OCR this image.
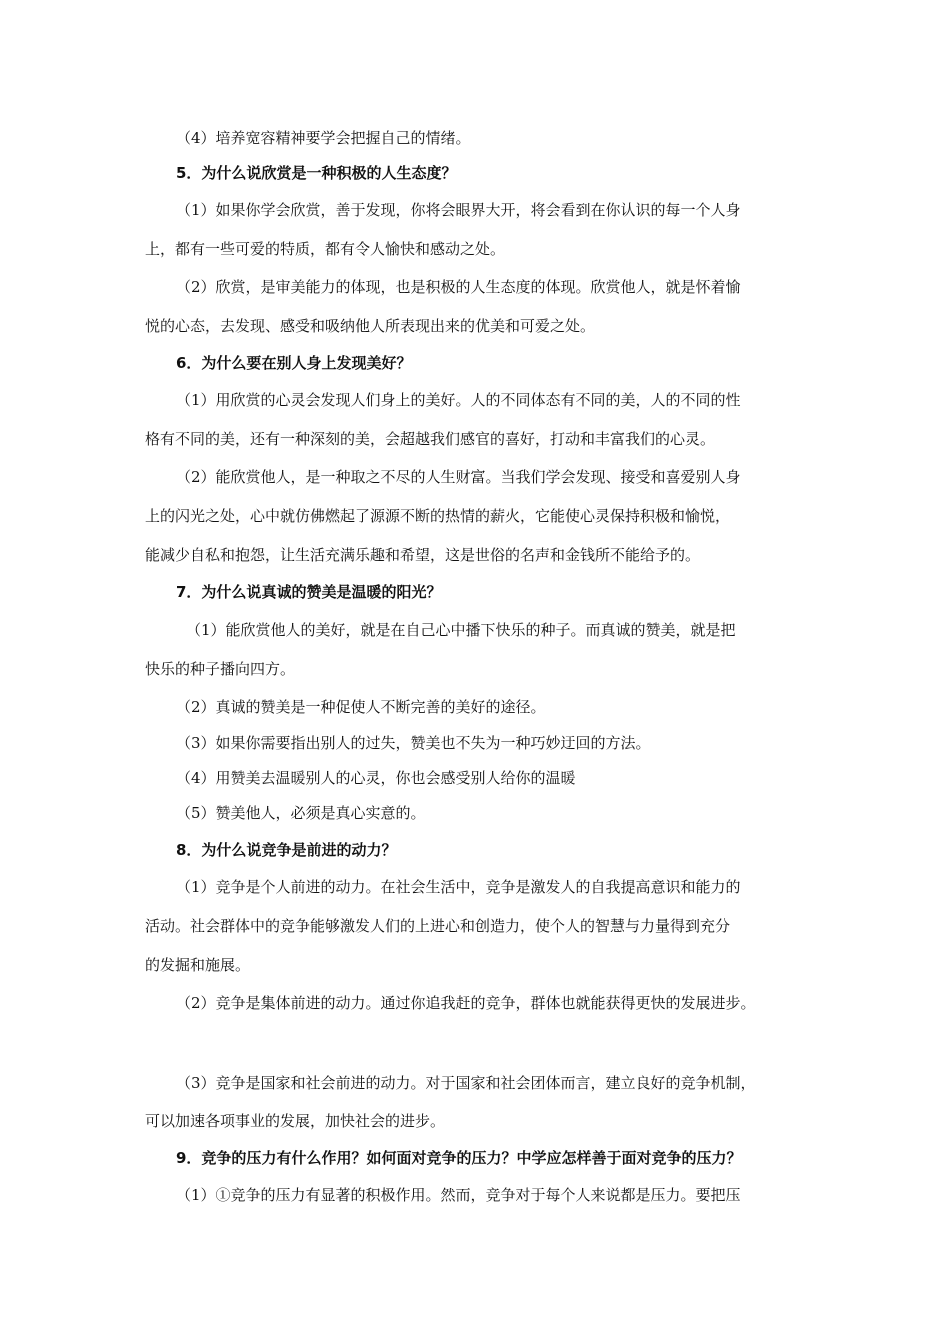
（4）培养宽容精神要学会把握自己的情绪。
5．为什么说欣赏是一种积极的人生态度？
（1）如果你学会欣赏，善于发现，你将会眼界大开，将会看到在你认识的每一个人身
上，都有一些可爱的特质，都有令人愉快和感动之处。
（2）欣赏，是审美能力的体现，也是积极的人生态度的体现。欣赏他人，就是怀着愉
悦的心态，去发现、感受和吸纳他人所表现出来的优美和可爱之处。
6．为什么要在别人身上发现美好？
（1）用欣赏的心灵会发现人们身上的美好。人的不同体态有不同的美，人的不同的性
格有不同的美，还有一种深刻的美，会超越我们感官的喜好，打动和丰富我们的心灵。
（2）能欣赏他人，是一种取之不尽的人生财富。当我们学会发现、接受和喜爱别人身
上的闪光之处，心中就仿佛燃起了源源不断的热情的薪火，它能使心灵保持积极和愉悦，
能减少自私和抱怨，让生活充满乐趣和希望，这是世俗的名声和金钱所不能给予的。
7．为什么说真诚的赞美是温暖的阳光？
（1）能欣赏他人的美好，就是在自己心中播下快乐的种子。而真诚的赞美，就是把
快乐的种子播向四方。
（2）真诚的赞美是一种促使人不断完善的美好的途径。
（3）如果你需要指出别人的过失，赞美也不失为一种巧妙迂回的方法。
（4）用赞美去温暖别人的心灵，你也会感受别人给你的温暖
（5）赞美他人，必须是真心实意的。
8．为什么说竞争是前进的动力？
（1）竞争是个人前进的动力。在社会生活中，竞争是激发人的自我提高意识和能力的
活动。社会群体中的竞争能够激发人们的上进心和创造力，使个人的智慧与力量得到充分
的发掘和施展。
（2）竞争是集体前进的动力。通过你追我赶的竞争，群体也就能获得更快的发展进步。
（3）竞争是国家和社会前进的动力。对于国家和社会团体而言，建立良好的竞争机制，
可以加速各项事业的发展，加快社会的进步。
9．竞争的压力有什么作用？如何面对竞争的压力？中学应怎样善于面对竞争的压力？
（1）①竞争的压力有显著的积极作用。然而，竞争对于每个人来说都是压力。要把压
